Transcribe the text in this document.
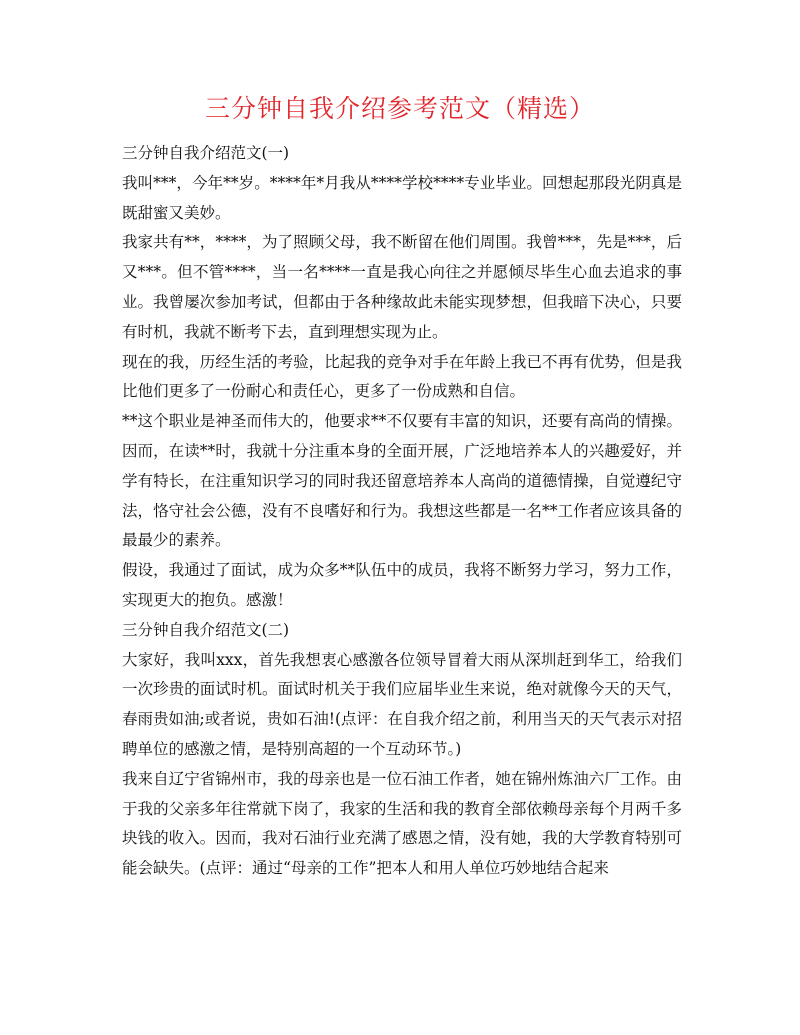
三分钟自我介绍参考范文（精选）
三分钟自我介绍范文(一)

我叫***，今年**岁。****年*月我从****学校****专业毕业。回想起那段光阴真是既甜蜜又美妙。

我家共有**，****，为了照顾父母，我不断留在他们周围。我曾***，先是***，后又***。但不管****，当一名****一直是我心向往之并愿倾尽毕生心血去追求的事业。我曾屡次参加考试，但都由于各种缘故此未能实现梦想，但我暗下决心，只要有时机，我就不断考下去，直到理想实现为止。

现在的我，历经生活的考验，比起我的竞争对手在年龄上我已不再有优势，但是我比他们更多了一份耐心和责任心，更多了一份成熟和自信。

**这个职业是神圣而伟大的，他要求**不仅要有丰富的知识，还要有高尚的情操。因而，在读**时，我就十分注重本身的全面开展，广泛地培养本人的兴趣爱好，并学有特长，在注重知识学习的同时我还留意培养本人高尚的道德情操，自觉遵纪守法，恪守社会公德，没有不良嗜好和行为。我想这些都是一名**工作者应该具备的最最少的素养。

假设，我通过了面试，成为众多**队伍中的成员，我将不断努力学习，努力工作，实现更大的抱负。感激！

三分钟自我介绍范文(二)

大家好，我叫xxx，首先我想衷心感激各位领导冒着大雨从深圳赶到华工，给我们一次珍贵的面试时机。面试时机关于我们应届毕业生来说，绝对就像今天的天气，春雨贵如油;或者说，贵如石油!(点评：在自我介绍之前，利用当天的天气表示对招聘单位的感激之情，是特别高超的一个互动环节。)

我来自辽宁省锦州市，我的母亲也是一位石油工作者，她在锦州炼油六厂工作。由于我的父亲多年往常就下岗了，我家的生活和我的教育全部依赖母亲每个月两千多块钱的收入。因而，我对石油行业充满了感恩之情，没有她，我的大学教育特别可能会缺失。(点评：通过“母亲的工作”把本人和用人单位巧妙地结合起来
